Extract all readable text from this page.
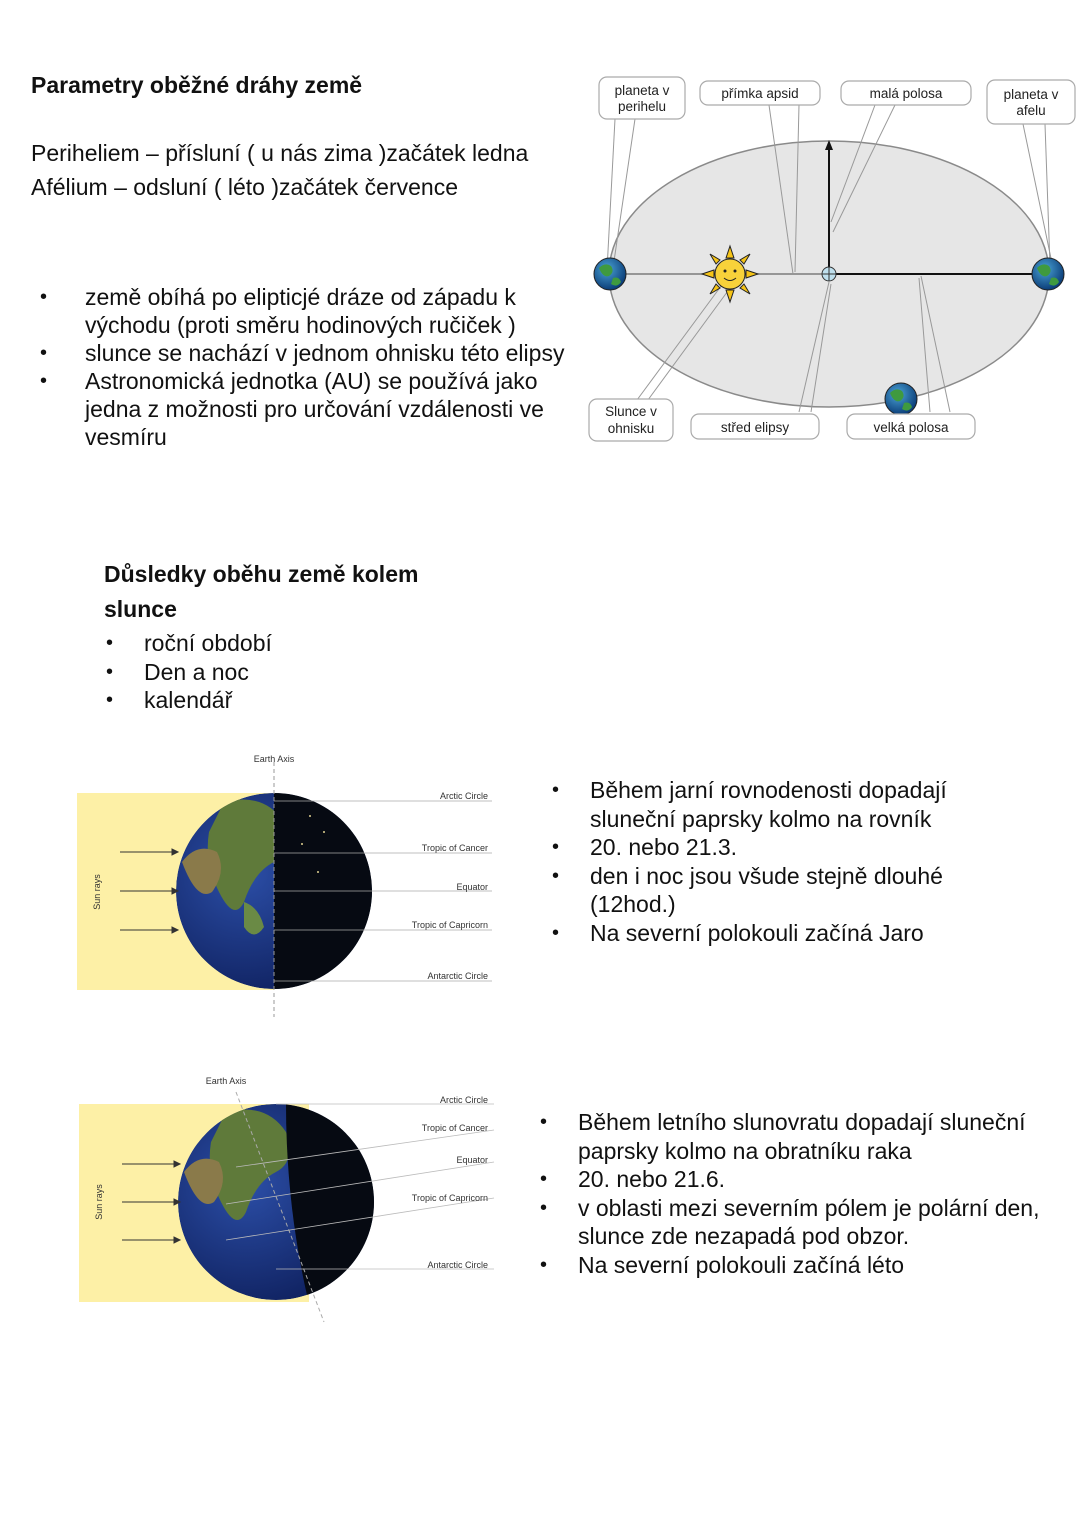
Parametry oběžné dráhy země
Periheliem – přísluní ( u nás zima )začátek ledna
Afélium – odsluní ( léto )začátek července
• země obíhá po elipticjé dráze od západu k východu (proti směru hodinových ručiček )
• slunce se nachází v jednom ohnisku této elipsy
• Astronomická jednotka (AU) se používá jako jedna z možnosti pro určování vzdálenosti ve vesmíru
planeta v
perihelu
přímka apsid	malá polosa	planeta v
afelu
Slunce v
ohnisku	střed elipsy	velká polosa
Důsledky oběhu země kolem
slunce
• roční období
• Den a noc
• kalendář
Earth Axis
Sun rays
Arctic Circle
Tropic of Cancer
Equator
Tropic of Capricorn
Antarctic Circle
• Během jarní rovnodenosti dopadají sluneční paprsky kolmo na rovník
• 20. nebo 21.3.
• den i noc jsou všude stejně dlouhé (12hod.)
• Na severní polokouli začíná Jaro
Earth Axis
Sun rays
Arctic Circle
Tropic of Cancer
Equator
Tropic of Capricorn
Antarctic Circle
• Během letního slunovratu dopadají sluneční paprsky kolmo na obratníku raka
• 20. nebo 21.6.
• v oblasti mezi severním pólem je polární den, slunce zde nezapadá pod obzor.
• Na severní polokouli začíná léto
